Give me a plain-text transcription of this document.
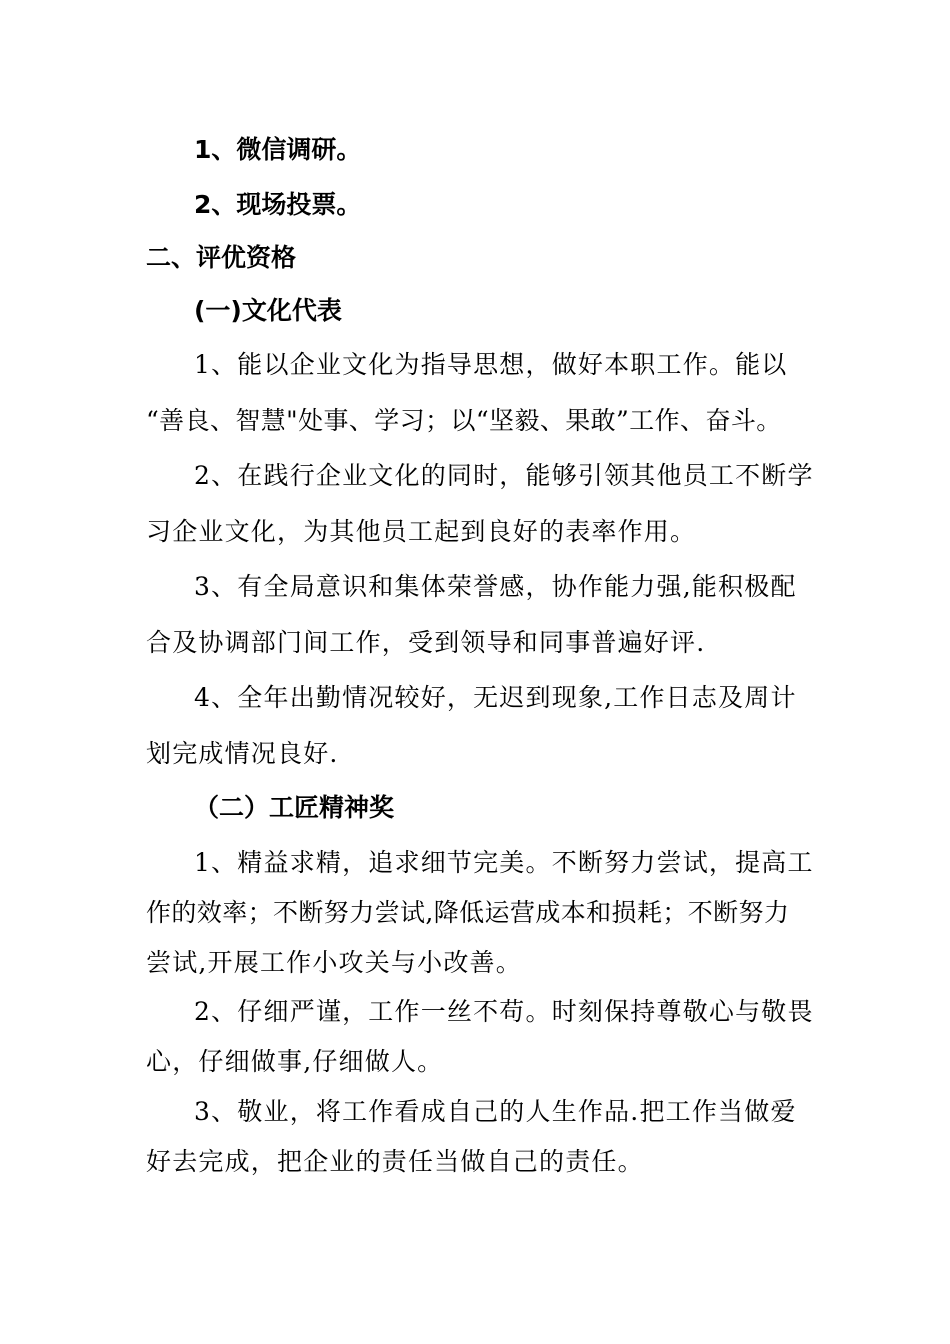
1、微信调研。
2、现场投票。
二、评优资格
(一)文化代表
1、能以企业文化为指导思想，做好本职工作。能以
“善良、智慧"处事、学习；以“坚毅、果敢”工作、奋斗。
2、在践行企业文化的同时，能够引领其他员工不断学
习企业文化，为其他员工起到良好的表率作用。
3、有全局意识和集体荣誉感，协作能力强,能积极配
合及协调部门间工作，受到领导和同事普遍好评.
4、全年出勤情况较好，无迟到现象,工作日志及周计
划完成情况良好.
（二）工匠精神奖
1、精益求精，追求细节完美。不断努力尝试，提高工
作的效率；不断努力尝试,降低运营成本和损耗；不断努力
尝试,开展工作小攻关与小改善。
2、仔细严谨，工作一丝不苟。时刻保持尊敬心与敬畏
心，仔细做事,仔细做人。
3、敬业，将工作看成自己的人生作品.把工作当做爱
好去完成，把企业的责任当做自己的责任。
